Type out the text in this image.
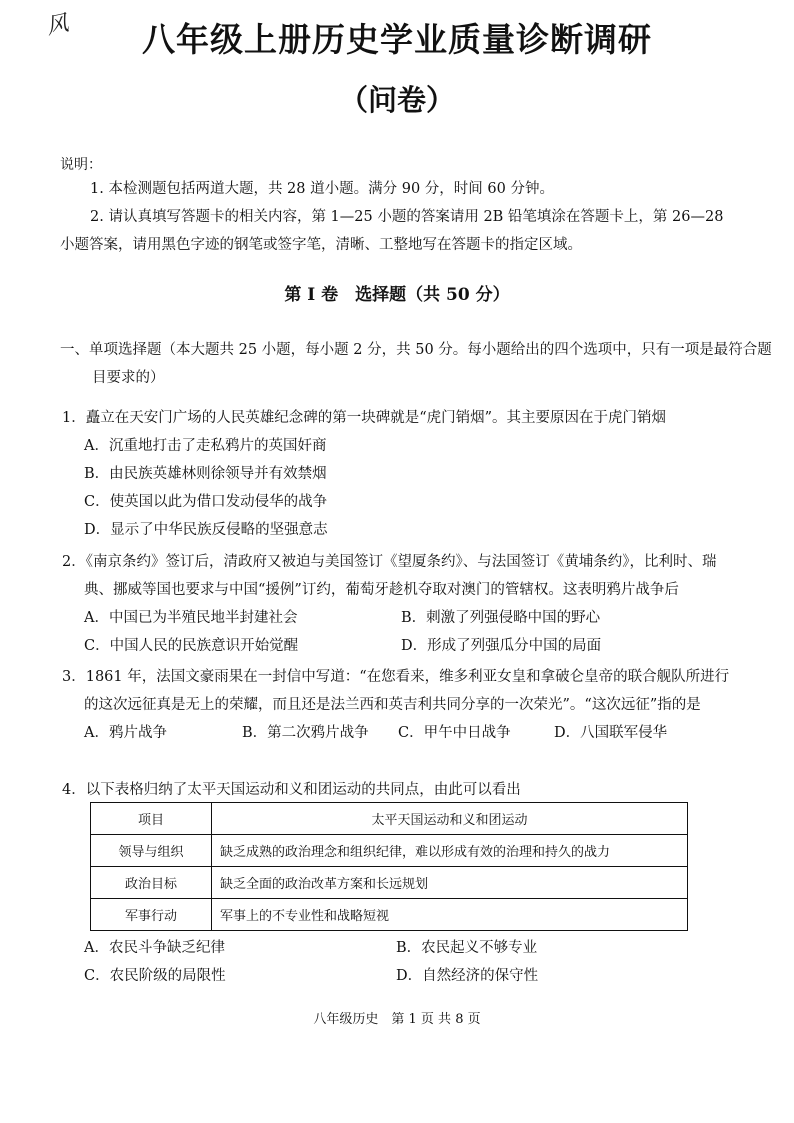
风	八年级上册历史学业质量诊断调研
（问卷）
说明：
1. 本检测题包括两道大题，共 28 道小题。满分 90 分，时间 60 分钟。
2. 请认真填写答题卡的相关内容，第 1—25 小题的答案请用 2B 铅笔填涂在答题卡上，第 26—28 小题答案，请用黑色字迹的钢笔或签字笔，清晰、工整地写在答题卡的指定区域。
第 Ⅰ 卷　选择题（共 50 分）
一、单项选择题（本大题共 25 小题，每小题 2 分，共 50 分。每小题给出的四个选项中，只有一项是最符合题目要求的）
1．矗立在天安门广场的人民英雄纪念碑的第一块碑就是“虎门销烟”。其主要原因在于虎门销烟
A．沉重地打击了走私鸦片的英国奸商
B．由民族英雄林则徐领导并有效禁烟
C．使英国以此为借口发动侵华的战争
D．显示了中华民族反侵略的坚强意志
2．《南京条约》签订后，清政府又被迫与美国签订《望厦条约》、与法国签订《黄埔条约》，比利时、瑞典、挪威等国也要求与中国“援例”订约，葡萄牙趁机夺取对澳门的管辖权。这表明鸦片战争后
A．中国已为半殖民地半封建社会	B．刺激了列强侵略中国的野心
C．中国人民的民族意识开始觉醒	D．形成了列强瓜分中国的局面
3．1861 年，法国文豪雨果在一封信中写道：“在您看来，维多利亚女皇和拿破仑皇帝的联合舰队所进行的这次远征真是无上的荣耀，而且还是法兰西和英吉利共同分享的一次荣光”。“这次远征”指的是
A．鸦片战争	B．第二次鸦片战争	C．甲午中日战争	D．八国联军侵华
4．以下表格归纳了太平天国运动和义和团运动的共同点，由此可以看出
项目	太平天国运动和义和团运动
领导与组织	缺乏成熟的政治理念和组织纪律，难以形成有效的治理和持久的战力
政治目标	缺乏全面的政治改革方案和长远规划
军事行动	军事上的不专业性和战略短视
A．农民斗争缺乏纪律	B．农民起义不够专业
C．农民阶级的局限性	D．自然经济的保守性
八年级历史　第 1 页 共 8 页
